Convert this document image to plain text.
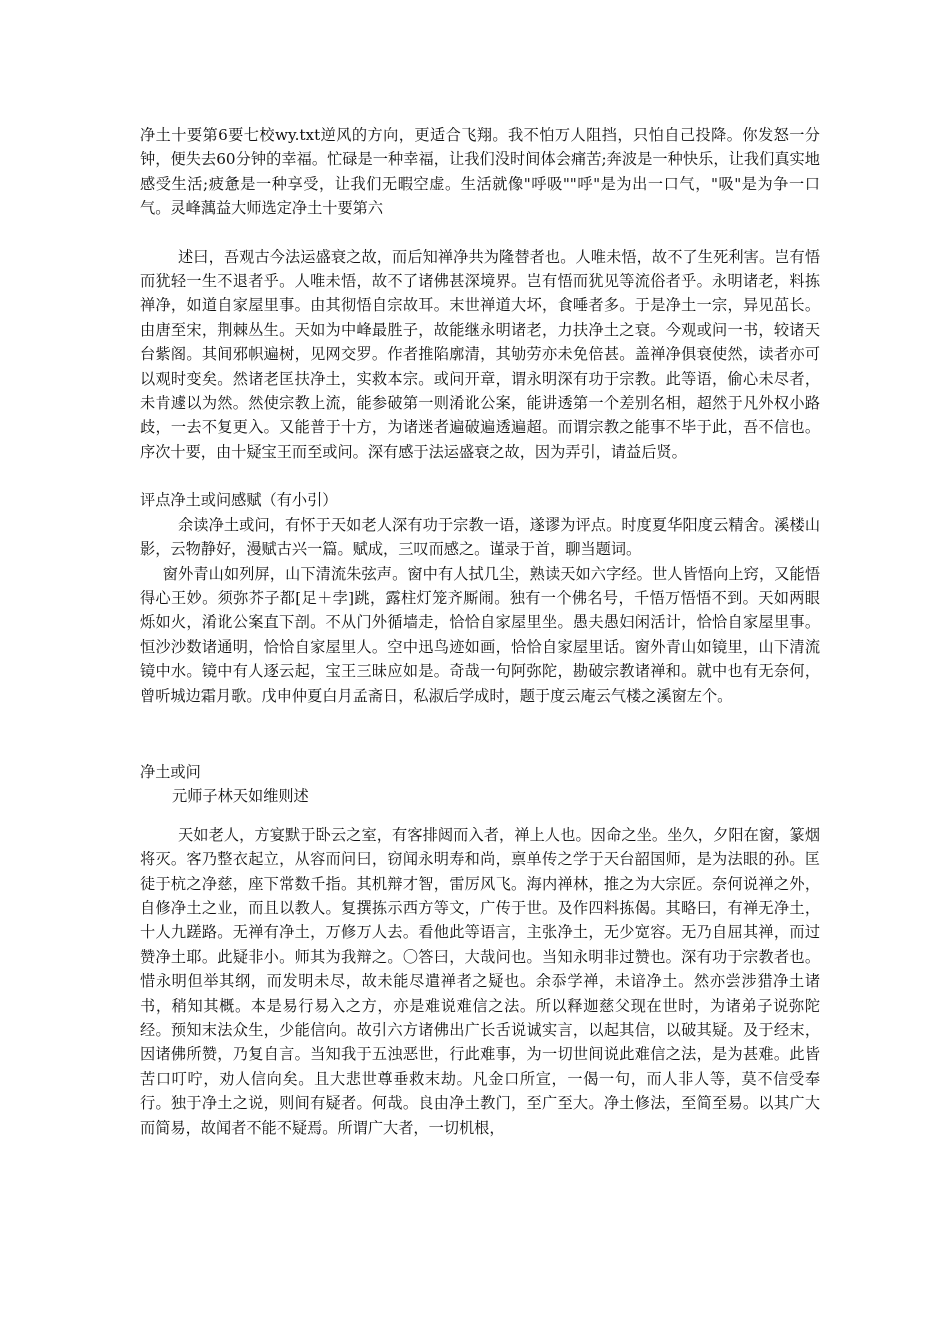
净土十要第6要七校wy.txt逆风的方向，更适合飞翔。我不怕万人阻挡，只怕自己投降。你发怒一分钟，便失去60分钟的幸福。忙碌是一种幸福，让我们没时间体会痛苦;奔波是一种快乐，让我们真实地感受生活;疲惫是一种享受，让我们无暇空虚。生活就像"呼吸""呼"是为出一口气，"吸"是为争一口气。灵峰蕅益大师选定净土十要第六

述曰，吾观古今法运盛衰之故，而后知禅净共为隆替者也。人唯未悟，故不了生死利害。岂有悟而犹轻一生不退者乎。人唯未悟，故不了诸佛甚深境界。岂有悟而犹见等流俗者乎。永明诸老，料拣禅净，如道自家屋里事。由其彻悟自宗故耳。末世禅道大坏，食唾者多。于是净土一宗，异见茁长。由唐至宋，荆棘丛生。天如为中峰最胜子，故能继永明诸老，力扶净土之衰。今观或问一书，较诸天台紫阁。其间邪帜遍树，见网交罗。作者推陷廓清，其劬劳亦未免倍甚。盖禅净俱衰使然，读者亦可以观时变矣。然诸老匡扶净土，实救本宗。或问开章，谓永明深有功于宗教。此等语，偷心未尽者，未肯遽以为然。然使宗教上流，能参破第一则淆讹公案，能讲透第一个差别名相，超然于凡外权小路歧，一去不复更入。又能普于十方，为诸迷者遍破遍透遍超。而谓宗教之能事不毕于此，吾不信也。序次十要，由十疑宝王而至或问。深有感于法运盛衰之故，因为弄引，请益后贤。

评点净土或问感赋（有小引）

余读净土或问，有怀于天如老人深有功于宗教一语，遂谬为评点。时度夏华阳度云精舍。溪楼山影，云物静好，漫赋古兴一篇。赋成，三叹而感之。谨录于首，聊当题词。

窗外青山如列屏，山下清流朱弦声。窗中有人拭几尘，熟读天如六字经。世人皆悟向上窍，又能悟得心王妙。须弥芥子都[足＋孛]跳，露柱灯笼齐厮闹。独有一个佛名号，千悟万悟悟不到。天如两眼烁如火，淆讹公案直下剖。不从门外循墙走，恰恰自家屋里坐。愚夫愚妇闲活计，恰恰自家屋里事。恒沙沙数诸通明，恰恰自家屋里人。空中迅鸟迹如画，恰恰自家屋里话。窗外青山如镜里，山下清流镜中水。镜中有人逐云起，宝王三昧应如是。奇哉一句阿弥陀，勘破宗教诸禅和。就中也有无奈何，曾听城边霜月歌。戊申仲夏白月孟斋日，私淑后学成时，题于度云庵云气楼之溪窗左个。

净土或问
元师子林天如维则述

天如老人，方宴默于卧云之室，有客排闼而入者，禅上人也。因命之坐。坐久，夕阳在窗，篆烟将灭。客乃整衣起立，从容而问曰，窃闻永明寿和尚，禀单传之学于天台韶国师，是为法眼的孙。匡徒于杭之净慈，座下常数千指。其机辩才智，雷厉风飞。海内禅林，推之为大宗匠。奈何说禅之外，自修净土之业，而且以教人。复撰拣示西方等文，广传于世。及作四料拣偈。其略曰，有禅无净土，十人九蹉路。无禅有净土，万修万人去。看他此等语言，主张净土，无少宽容。无乃自屈其禅，而过赞净土耶。此疑非小。师其为我辩之。〇答曰，大哉问也。当知永明非过赞也。深有功于宗教者也。惜永明但举其纲，而发明未尽，故未能尽遣禅者之疑也。余忝学禅，未谙净土。然亦尝涉猎净土诸书，稍知其概。本是易行易入之方，亦是难说难信之法。所以释迦慈父现在世时，为诸弟子说弥陀经。预知末法众生，少能信向。故引六方诸佛出广长舌说诚实言，以起其信，以破其疑。及于经末，因诸佛所赞，乃复自言。当知我于五浊恶世，行此难事，为一切世间说此难信之法，是为甚难。此皆苦口叮咛，劝人信向矣。且大悲世尊垂救末劫。凡金口所宣，一偈一句，而人非人等，莫不信受奉行。独于净土之说，则间有疑者。何哉。良由净土教门，至广至大。净土修法，至简至易。以其广大而简易，故闻者不能不疑焉。所谓广大者，一切机根，
